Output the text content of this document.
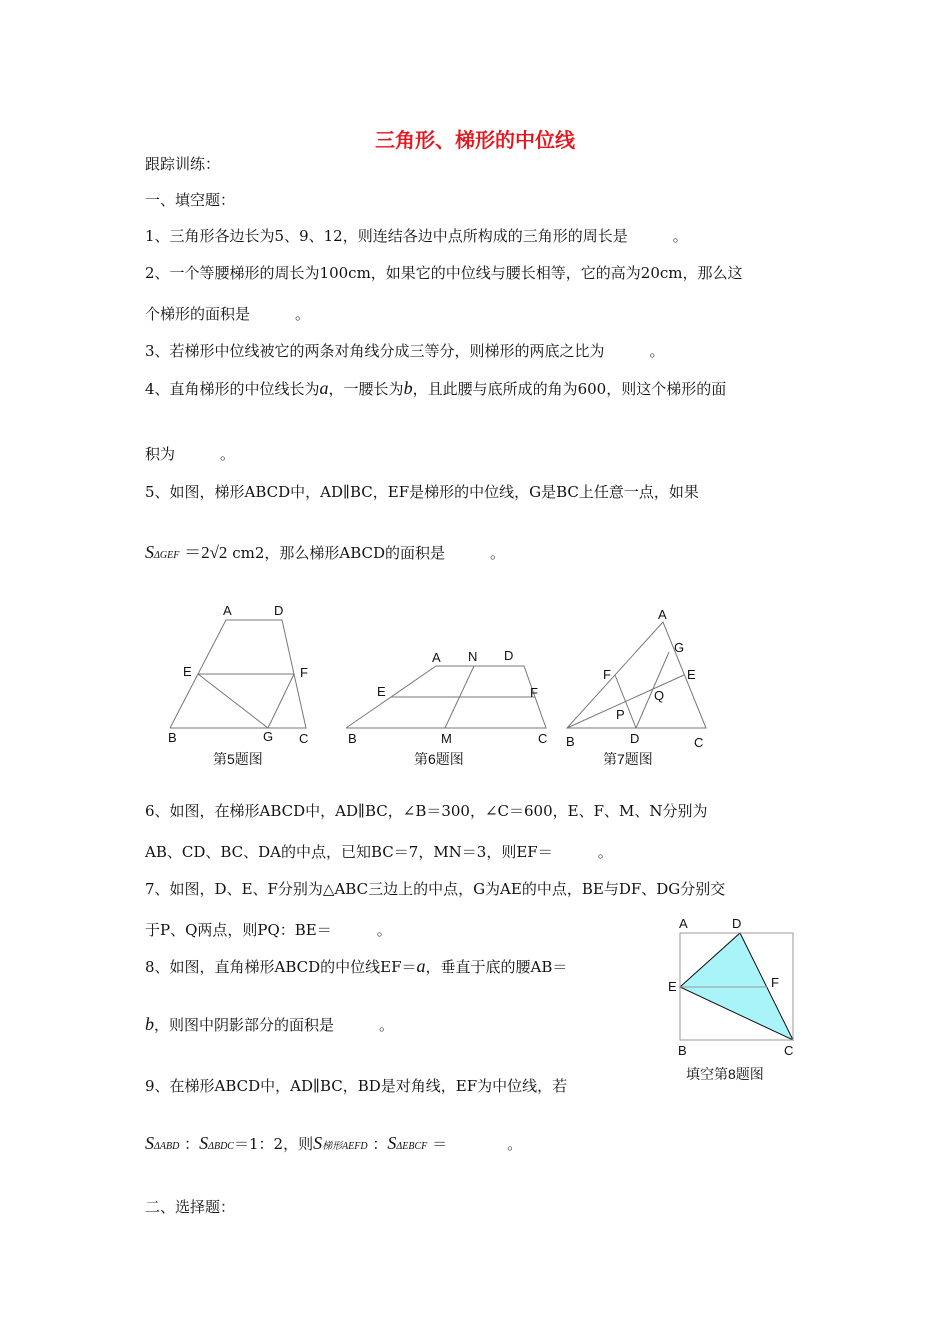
三角形、梯形的中位线
跟踪训练：
一、填空题：
1、三角形各边长为5、9、12，则连结各边中点所构成的三角形的周长是　　　。
2、一个等腰梯形的周长为100cm，如果它的中位线与腰长相等，它的高为20cm，那么这
个梯形的面积是　　　。
3、若梯形中位线被它的两条对角线分成三等分，则梯形的两底之比为　　　。
4、直角梯形的中位线长为a，一腰长为b，且此腰与底所成的角为600，则这个梯形的面
积为　　　。
5、如图，梯形ABCD中，AD∥BC，EF是梯形的中位线，G是BC上任意一点，如果
SΔGEF ＝2√2 cm2，那么梯形ABCD的面积是　　　。
A	D
E	F
B	G C
第5题图
A N D
E	F
B	M	C
第6题图
A
G
F	E
Q
P
B	D	C
第7题图
6、如图，在梯形ABCD中，AD∥BC，∠B＝300，∠C＝600，E、F、M、N分别为
AB、CD、BC、DA的中点，已知BC＝7，MN＝3，则EF＝　　　。
7、如图，D、E、F分别为△ABC三边上的中点，G为AE的中点，BE与DF、DG分别交
于P、Q两点，则PQ：BE＝　　　。
8、如图，直角梯形ABCD的中位线EF＝a，垂直于底的腰AB＝
b，则图中阴影部分的面积是　　　。
A	D
E	F
B	C
填空第8题图
9、在梯形ABCD中，AD∥BC，BD是对角线，EF为中位线，若
SΔABD ：SΔBDC＝1：2，则S梯形AEFD ：SΔEBCF ＝　　　　。
二、选择题：
